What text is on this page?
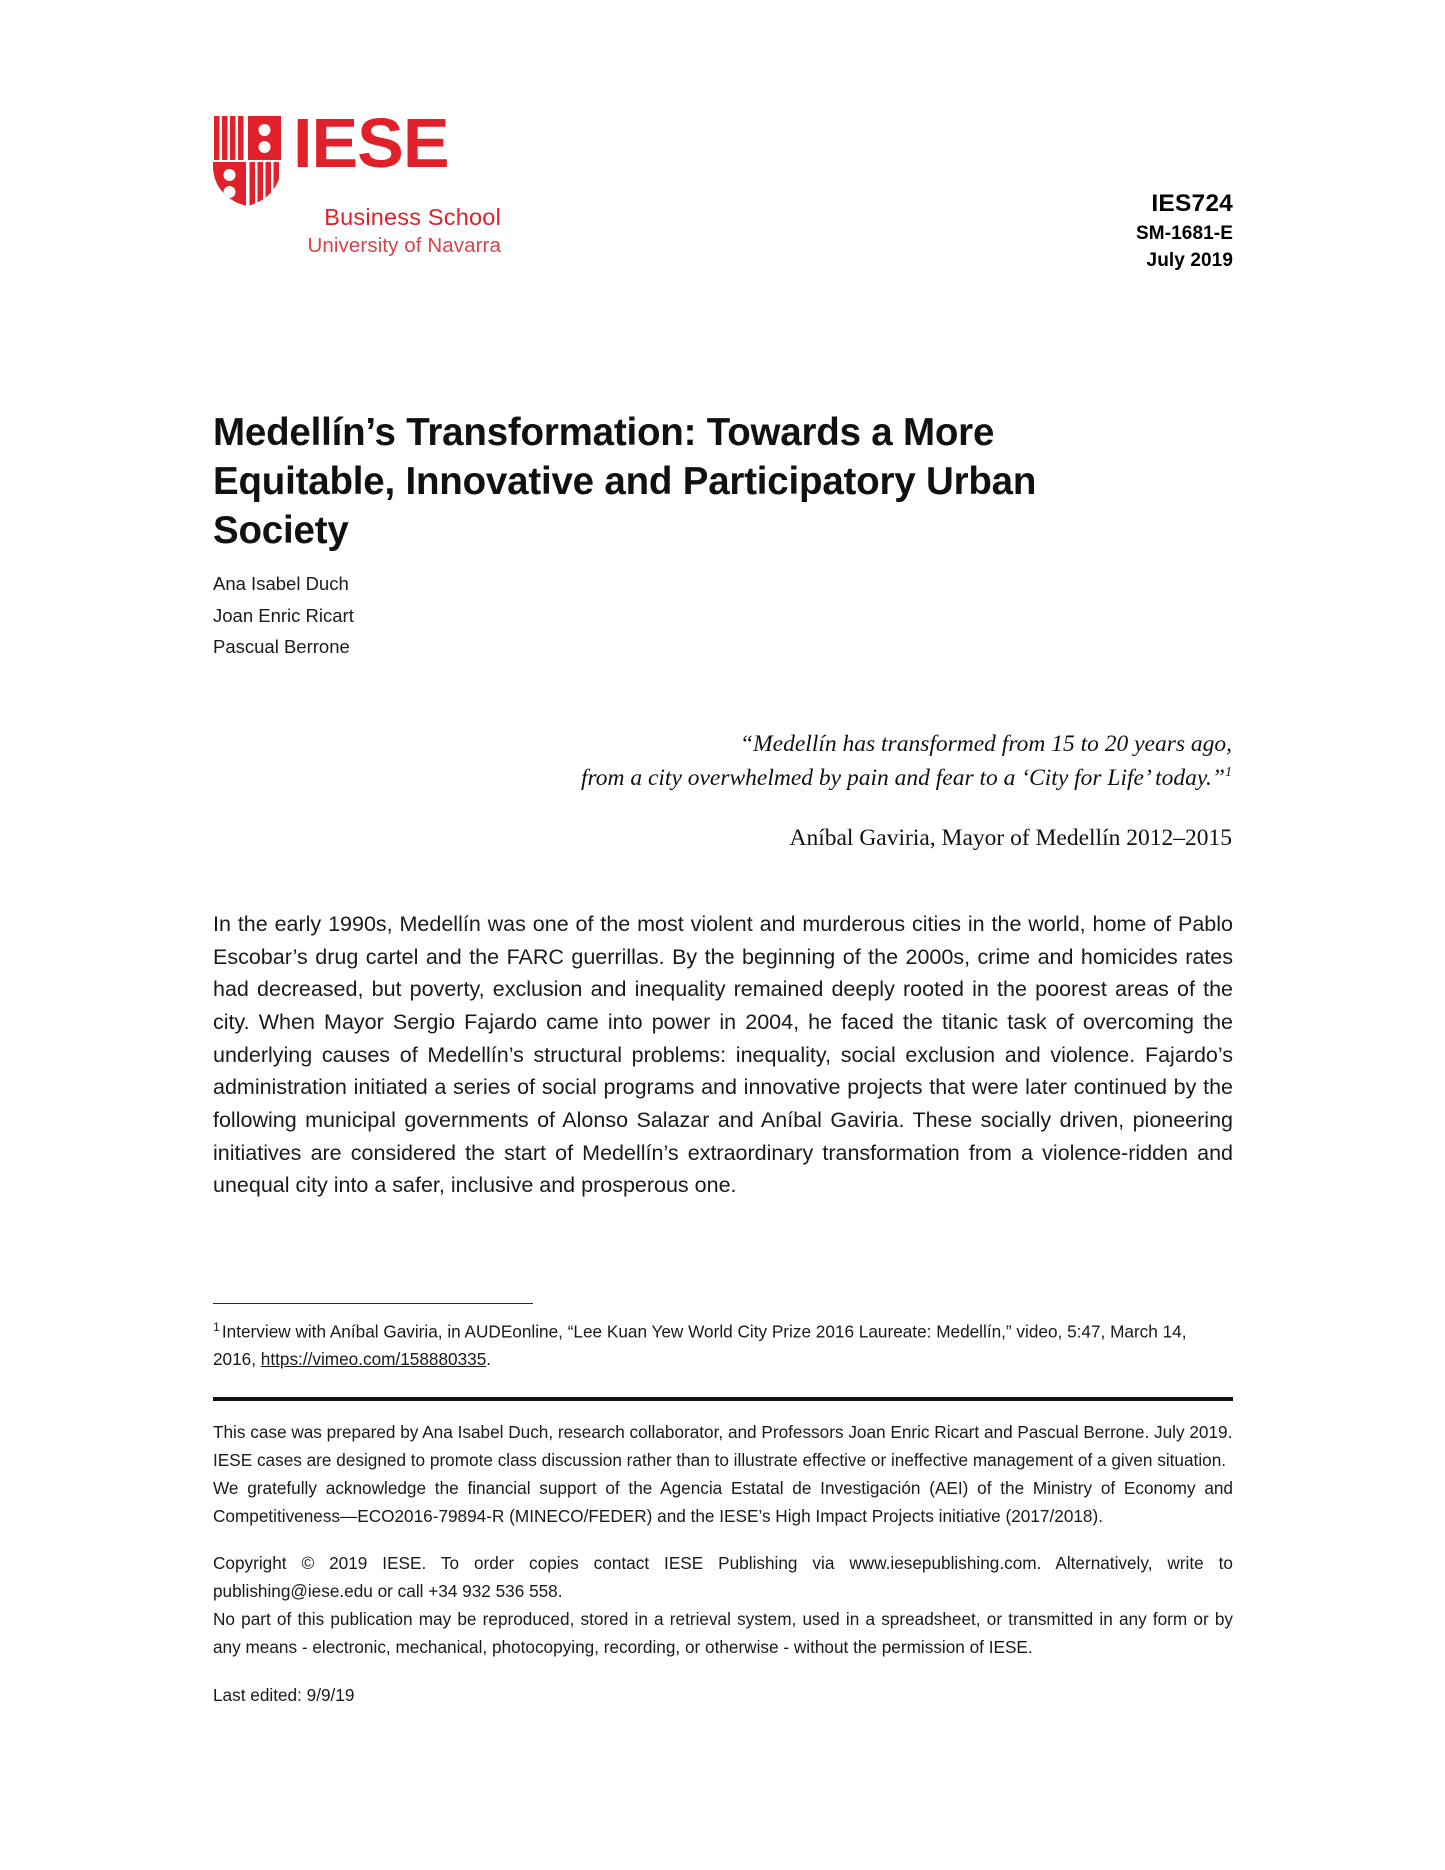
IESE
Business School
University of Navarra
IES724
SM-1681-E
July 2019
Medellín’s Transformation: Towards a More Equitable, Innovative and Participatory Urban Society
Ana Isabel Duch
Joan Enric Ricart
Pascual Berrone
“Medellín has transformed from 15 to 20 years ago,
from a city overwhelmed by pain and fear to a ‘City for Life’ today.”$^1$
Aníbal Gaviria, Mayor of Medellín 2012–2015
In the early 1990s, Medellín was one of the most violent and murderous cities in the world, home of Pablo Escobar’s drug cartel and the FARC guerrillas. By the beginning of the 2000s, crime and homicides rates had decreased, but poverty, exclusion and inequality remained deeply rooted in the poorest areas of the city. When Mayor Sergio Fajardo came into power in 2004, he faced the titanic task of overcoming the underlying causes of Medellín’s structural problems: inequality, social exclusion and violence. Fajardo’s administration initiated a series of social programs and innovative projects that were later continued by the following municipal governments of Alonso Salazar and Aníbal Gaviria. These socially driven, pioneering initiatives are considered the start of Medellín’s extraordinary transformation from a violence-ridden and unequal city into a safer, inclusive and prosperous one.
$^1$ Interview with Aníbal Gaviria, in AUDEonline, “Lee Kuan Yew World City Prize 2016 Laureate: Medellín,” video, 5:47, March 14, 2016, https://vimeo.com/158880335.

This case was prepared by Ana Isabel Duch, research collaborator, and Professors Joan Enric Ricart and Pascual Berrone. July 2019.

IESE cases are designed to promote class discussion rather than to illustrate effective or ineffective management of a given situation.

We gratefully acknowledge the financial support of the Agencia Estatal de Investigación (AEI) of the Ministry of Economy and Competitiveness—ECO2016-79894-R (MINECO/FEDER) and the IESE’s High Impact Projects initiative (2017/2018).

Copyright © 2019 IESE. To order copies contact IESE Publishing via www.iesepublishing.com. Alternatively, write to publishing@iese.edu or call +34 932 536 558.

No part of this publication may be reproduced, stored in a retrieval system, used in a spreadsheet, or transmitted in any form or by any means - electronic, mechanical, photocopying, recording, or otherwise - without the permission of IESE.

Last edited: 9/9/19
